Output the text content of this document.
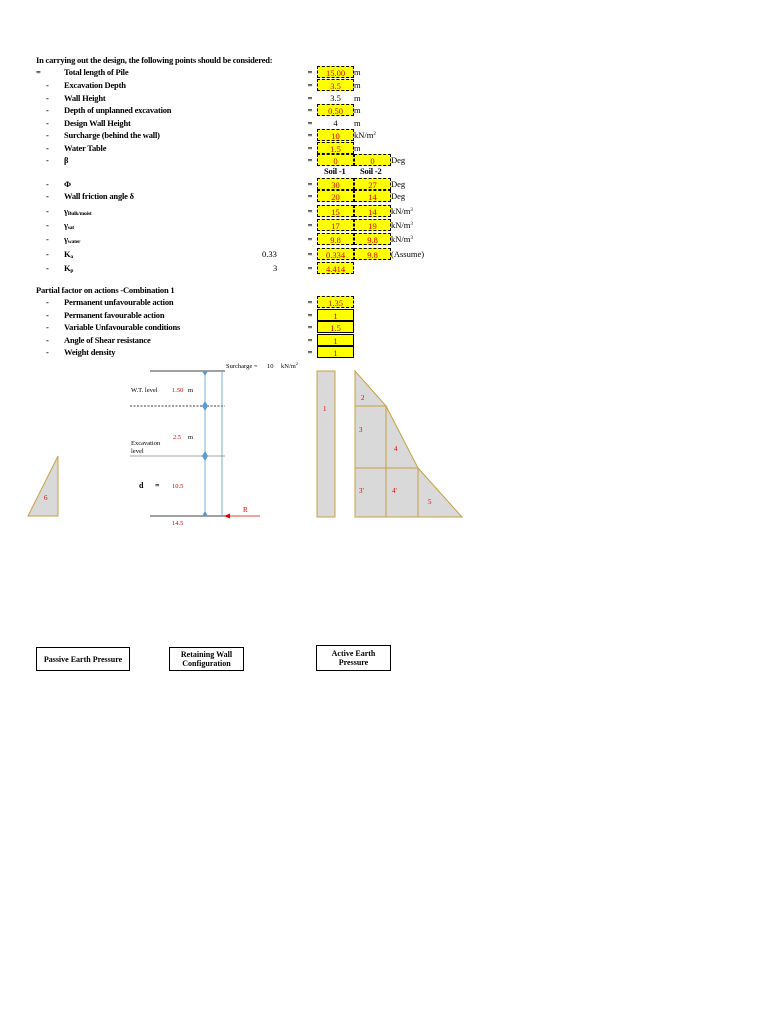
In carrying out the design, the following points should be considered:
=	Total length of Pile	=	15.00	m
- Excavation Depth	=	3.5	m
- Wall Height	=	3.5	m
- Depth of unplanned excavation	=	0.50	m
- Design Wall Height	=	4	m
- Surcharge (behind the wall)	=	10	$kN/m^2$
- Water Table	=	1.5	m
- β	=	0	0	Deg
Soil -1 Soil -2
- Φ	=	30	27	Deg
- Wall friction angle δ	=	20	14	Deg
- γBulk/moist	=	15	14	$kN/m^3$
- γsat	=	17	19	$kN/m^3$
- γwater	=	9.8	9.8	$kN/m^3$
- Ka	0.33	=	0.334	9.8	(Assume)
- Kp	3	=	4.414
Partial factor on actions -Combination 1
- Permanent unfavourable action	=	1.35
- Permanent favourable action	=	1
- Variable Unfavourable conditions	=	1.5
- Angle of Shear resistance	=	1
- Weight density	=	1
6
Surcharge = 10 $kN/m^2$
W.T. level 1.50 m
2.5 m
Excavation
level
d = 10.5
14.5
R
1
2
3
4
3'	4'
5
Passive Earth Pressure	Retaining Wall
Configuration
Active Earth
Pressure
